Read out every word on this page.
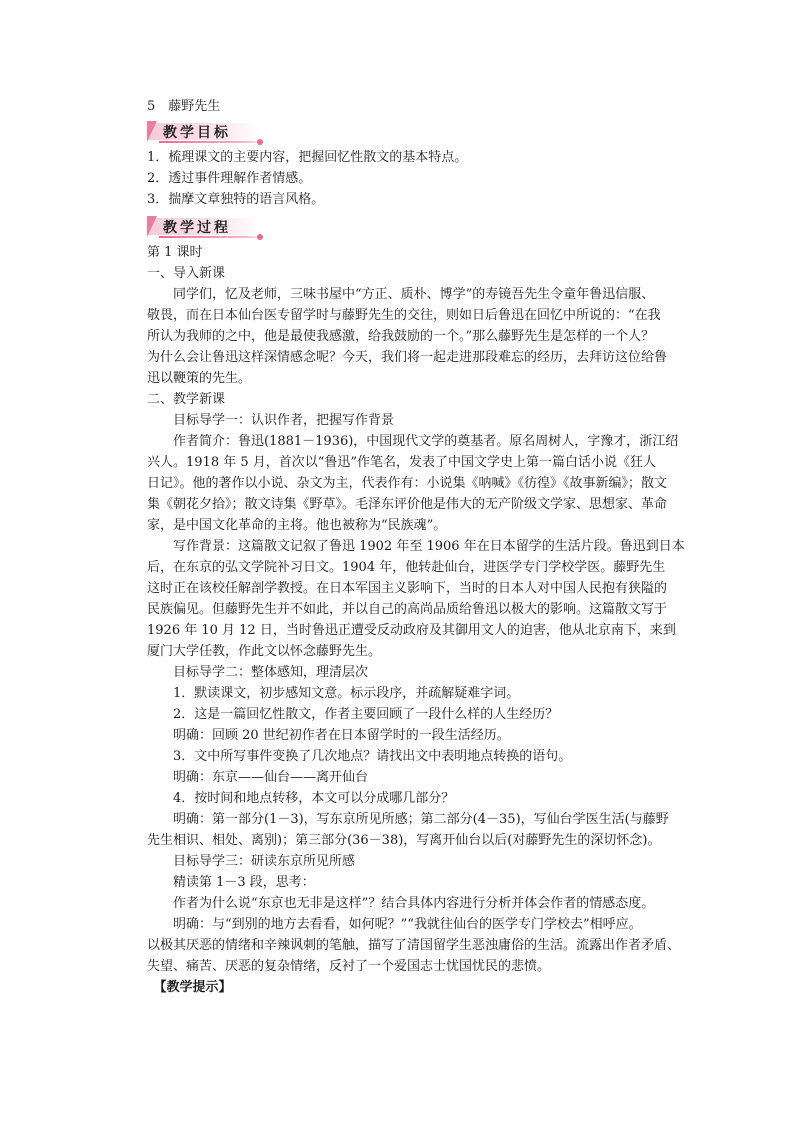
5　藤野先生
教学目标
1．梳理课文的主要内容，把握回忆性散文的基本特点。
2．透过事件理解作者情感。
3．揣摩文章独特的语言风格。
教学过程
第 1 课时
一、导入新课
　　同学们，忆及老师，三味书屋中“方正、质朴、博学”的寿镜吾先生令童年鲁迅信服、
敬畏，而在日本仙台医专留学时与藤野先生的交往，则如日后鲁迅在回忆中所说的：“在我
所认为我师的之中，他是最使我感激，给我鼓励的一个。”那么藤野先生是怎样的一个人？
为什么会让鲁迅这样深情感念呢？今天，我们将一起走进那段难忘的经历，去拜访这位给鲁
迅以鞭策的先生。
二、教学新课
　　目标导学一：认识作者，把握写作背景
　　作者简介：鲁迅(1881－1936)，中国现代文学的奠基者。原名周树人，字豫才，浙江绍
兴人。1918 年 5 月，首次以“鲁迅”作笔名，发表了中国文学史上第一篇白话小说《狂人
日记》。他的著作以小说、杂文为主，代表作有：小说集《呐喊》《彷徨》《故事新编》；散文
集《朝花夕拾》；散文诗集《野草》。毛泽东评价他是伟大的无产阶级文学家、思想家、革命
家，是中国文化革命的主将。他也被称为“民族魂”。
　　写作背景：这篇散文记叙了鲁迅 1902 年至 1906 年在日本留学的生活片段。鲁迅到日本
后，在东京的弘文学院补习日文。1904 年，他转赴仙台，进医学专门学校学医。藤野先生
这时正在该校任解剖学教授。在日本军国主义影响下，当时的日本人对中国人民抱有狭隘的
民族偏见。但藤野先生并不如此，并以自己的高尚品质给鲁迅以极大的影响。这篇散文写于
1926 年 10 月 12 日，当时鲁迅正遭受反动政府及其御用文人的迫害，他从北京南下，来到
厦门大学任教，作此文以怀念藤野先生。
　　目标导学二：整体感知，理清层次
　　1．默读课文，初步感知文意。标示段序，并疏解疑难字词。
　　2．这是一篇回忆性散文，作者主要回顾了一段什么样的人生经历？
　　明确：回顾 20 世纪初作者在日本留学时的一段生活经历。
　　3．文中所写事件变换了几次地点？请找出文中表明地点转换的语句。
　　明确：东京——仙台——离开仙台
　　4．按时间和地点转移，本文可以分成哪几部分？
　　明确：第一部分(1－3)，写东京所见所感；第二部分(4－35)，写仙台学医生活(与藤野
先生相识、相处、离别)；第三部分(36－38)，写离开仙台以后(对藤野先生的深切怀念)。
　　目标导学三：研读东京所见所感
　　精读第 1－3 段，思考：
　　作者为什么说“东京也无非是这样”？结合具体内容进行分析并体会作者的情感态度。
　　明确：与“到别的地方去看看，如何呢？”“我就往仙台的医学专门学校去”相呼应。
以极其厌恶的情绪和辛辣讽刺的笔触，描写了清国留学生恶浊庸俗的生活。流露出作者矛盾、
失望、痛苦、厌恶的复杂情绪，反衬了一个爱国志士忧国忧民的悲愤。
　【教学提示】
